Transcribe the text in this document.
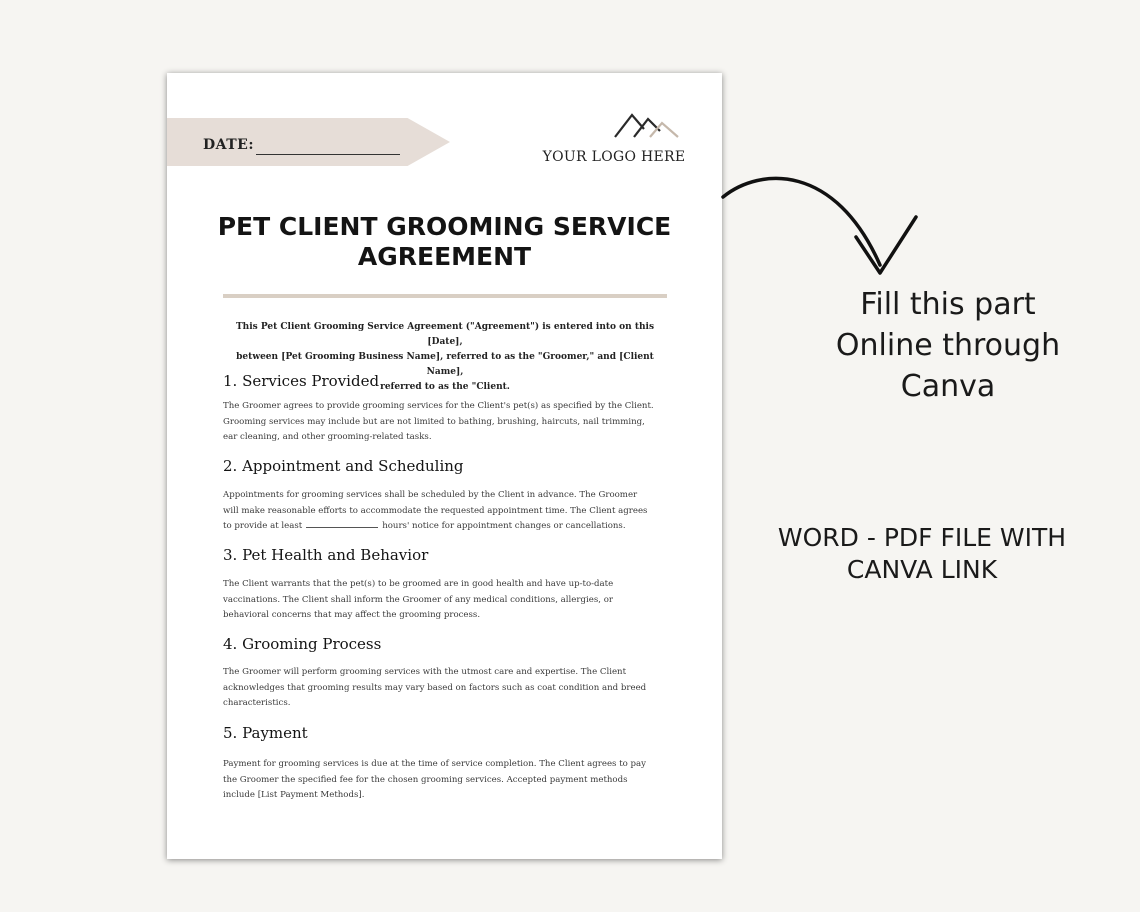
DATE:
YOUR LOGO HERE
PET CLIENT GROOMING SERVICE
AGREEMENT
This Pet Client Grooming Service Agreement ("Agreement") is entered into on this [Date],
between [Pet Grooming Business Name], referred to as the "Groomer," and [Client Name],
referred to as the "Client.
1. Services Provided
The Groomer agrees to provide grooming services for the Client's pet(s) as specified by the Client.
Grooming services may include but are not limited to bathing, brushing, haircuts, nail trimming,
ear cleaning, and other grooming-related tasks.
2. Appointment and Scheduling
Appointments for grooming services shall be scheduled by the Client in advance. The Groomer
will make reasonable efforts to accommodate the requested appointment time. The Client agrees
to provide at least	hours' notice for appointment changes or cancellations.
3. Pet Health and Behavior
The Client warrants that the pet(s) to be groomed are in good health and have up-to-date
vaccinations. The Client shall inform the Groomer of any medical conditions, allergies, or
behavioral concerns that may affect the grooming process.
4. Grooming Process
The Groomer will perform grooming services with the utmost care and expertise. The Client
acknowledges that grooming results may vary based on factors such as coat condition and breed
characteristics.
5. Payment
Payment for grooming services is due at the time of service completion. The Client agrees to pay
the Groomer the specified fee for the chosen grooming services. Accepted payment methods
include [List Payment Methods].
Fill this part
Online through
Canva
WORD - PDF FILE WITH
CANVA LINK
